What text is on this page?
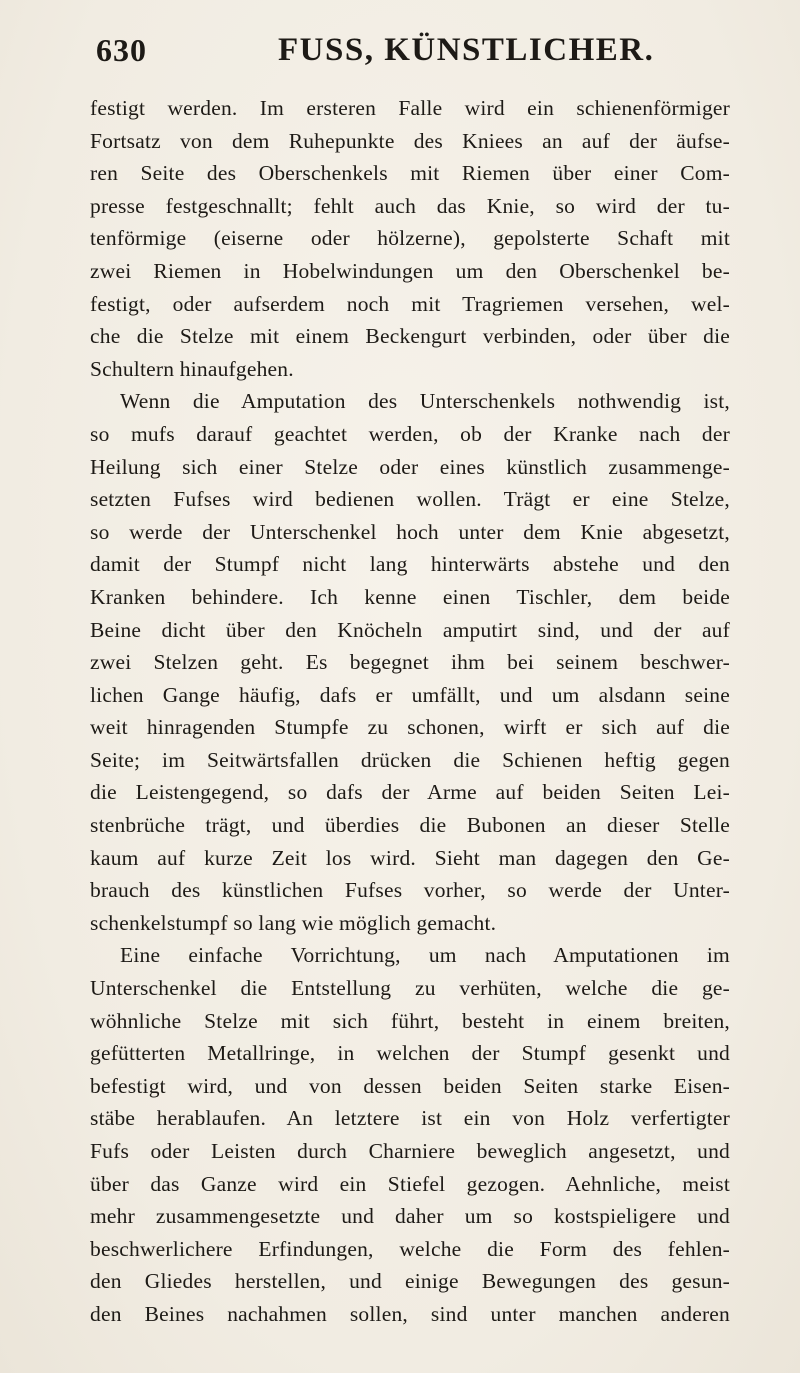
630	FUSS, KÜNSTLICHER.
festigt werden. Im ersteren Falle wird ein schienenförmiger
Fortsatz von dem Ruhepunkte des Kniees an auf der äufse-
ren Seite des Oberschenkels mit Riemen über einer Com-
presse festgeschnallt; fehlt auch das Knie, so wird der tu-
tenförmige (eiserne oder hölzerne), gepolsterte Schaft mit
zwei Riemen in Hobelwindungen um den Oberschenkel be-
festigt, oder aufserdem noch mit Tragriemen versehen, wel-
che die Stelze mit einem Beckengurt verbinden, oder über die
Schultern hinaufgehen.
Wenn die Amputation des Unterschenkels nothwendig ist,
so mufs darauf geachtet werden, ob der Kranke nach der
Heilung sich einer Stelze oder eines künstlich zusammenge-
setzten Fufses wird bedienen wollen. Trägt er eine Stelze,
so werde der Unterschenkel hoch unter dem Knie abgesetzt,
damit der Stumpf nicht lang hinterwärts abstehe und den
Kranken behindere. Ich kenne einen Tischler, dem beide
Beine dicht über den Knöcheln amputirt sind, und der auf
zwei Stelzen geht. Es begegnet ihm bei seinem beschwer-
lichen Gange häufig, dafs er umfällt, und um alsdann seine
weit hinragenden Stumpfe zu schonen, wirft er sich auf die
Seite; im Seitwärtsfallen drücken die Schienen heftig gegen
die Leistengegend, so dafs der Arme auf beiden Seiten Lei-
stenbrüche trägt, und überdies die Bubonen an dieser Stelle
kaum auf kurze Zeit los wird. Sieht man dagegen den Ge-
brauch des künstlichen Fufses vorher, so werde der Unter-
schenkelstumpf so lang wie möglich gemacht.
Eine einfache Vorrichtung, um nach Amputationen im
Unterschenkel die Entstellung zu verhüten, welche die ge-
wöhnliche Stelze mit sich führt, besteht in einem breiten,
gefütterten Metallringe, in welchen der Stumpf gesenkt und
befestigt wird, und von dessen beiden Seiten starke Eisen-
stäbe herablaufen. An letztere ist ein von Holz verfertigter
Fufs oder Leisten durch Charniere beweglich angesetzt, und
über das Ganze wird ein Stiefel gezogen. Aehnliche, meist
mehr zusammengesetzte und daher um so kostspieligere und
beschwerlichere Erfindungen, welche die Form des fehlen-
den Gliedes herstellen, und einige Bewegungen des gesun-
den Beines nachahmen sollen, sind unter manchen anderen
